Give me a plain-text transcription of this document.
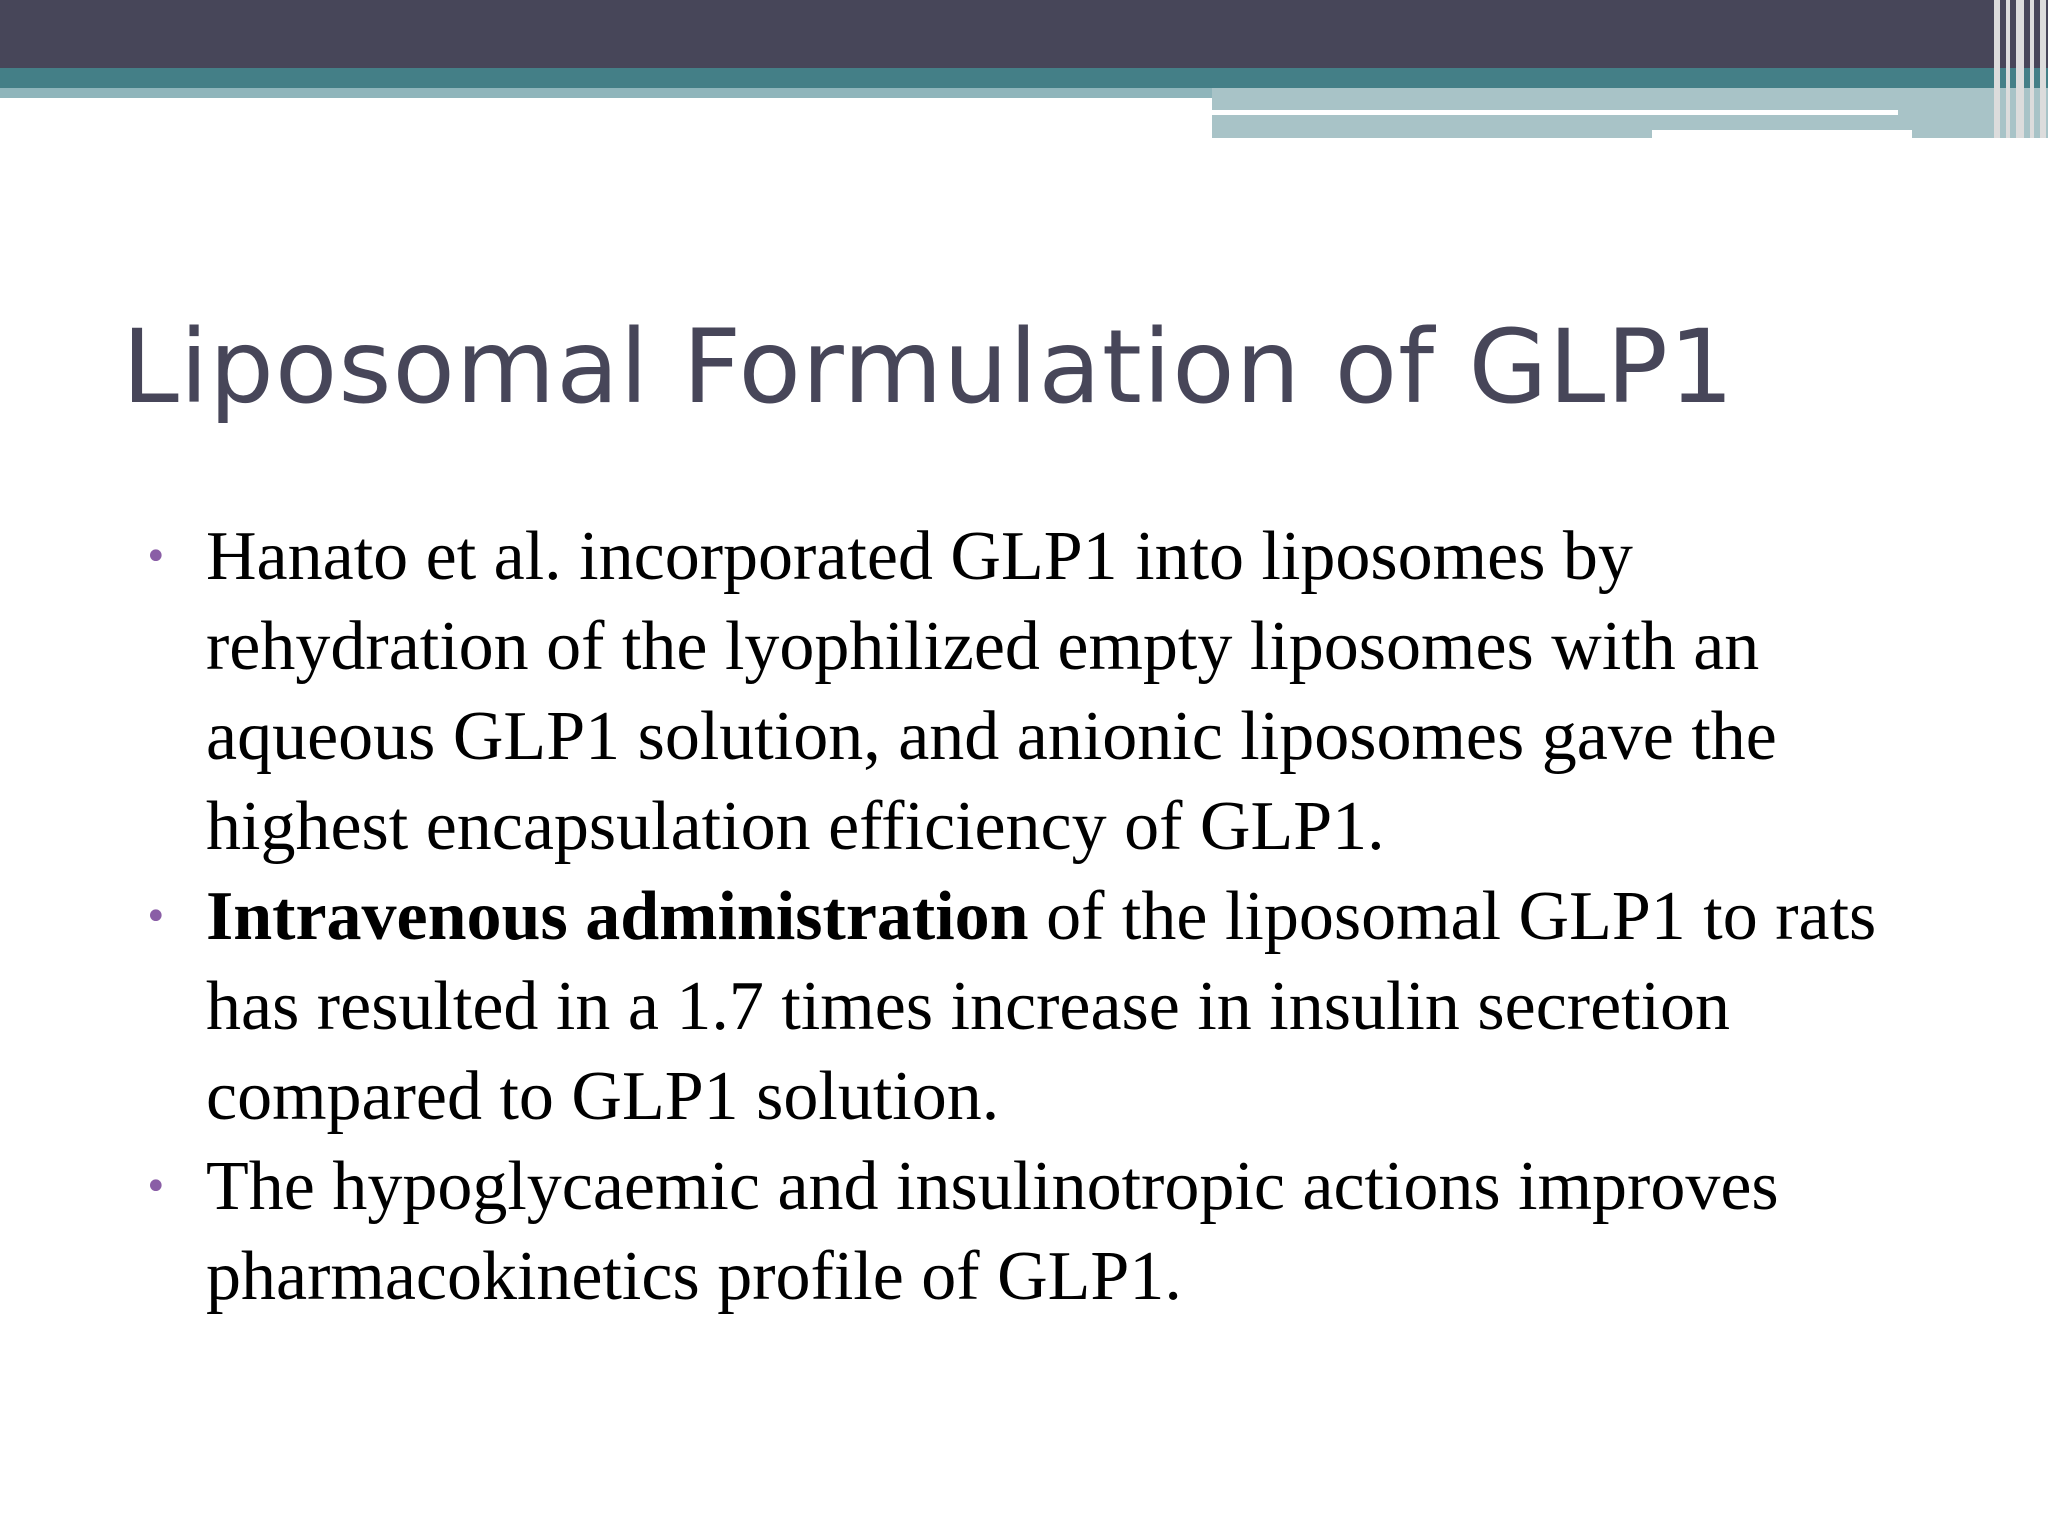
Liposomal Formulation of GLP1
• Hanato et al. incorporated GLP1 into liposomes by rehydration of the lyophilized empty liposomes with an aqueous GLP1 solution, and anionic liposomes gave the highest encapsulation efficiency of GLP1.
• Intravenous administration of the liposomal GLP1 to rats has resulted in a 1.7 times increase in insulin secretion compared to GLP1 solution.
• The hypoglycaemic and insulinotropic actions improves pharmacokinetics profile of GLP1.
